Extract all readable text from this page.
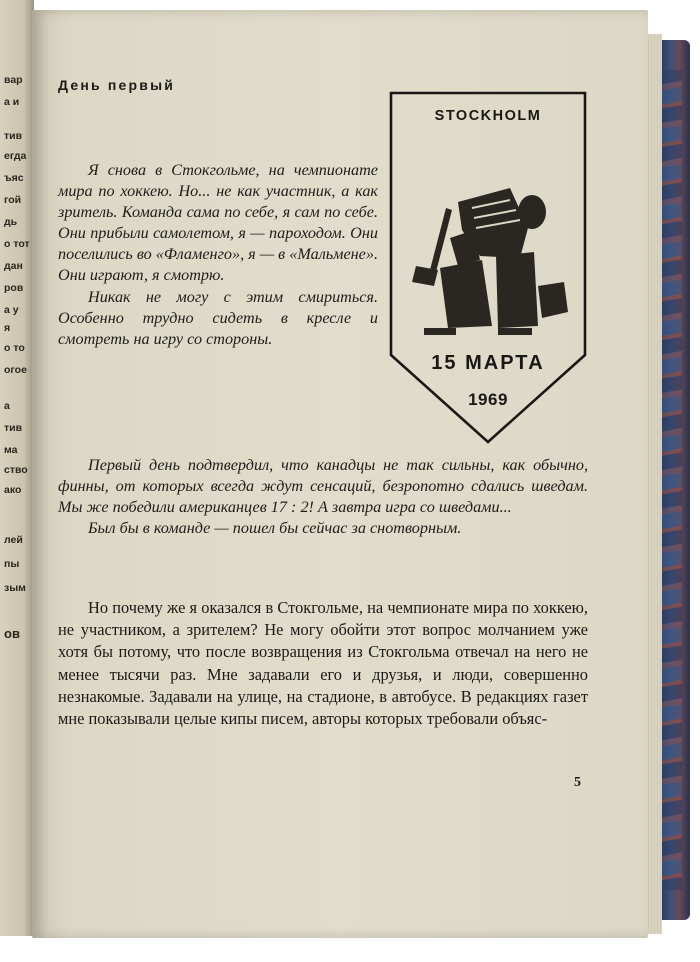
вар
а и
тив
егда
ъяс
гой
дь
о тот
дан
ров
а у
я
о то
огое
а
тив
ма
ство
ако
лей
пы
зым
ов
День первый
STOCKHOLM
15 МАРТА
1969

Я снова в Стокгольме, на чемпионате мира по хоккею. Но... не как участник, а как зритель. Команда сама по себе, я сам по себе. Они прибыли самолетом, я — пароходом. Они поселились во «Фламенго», я — в «Мальмене». Они играют, я смотрю.

Никак не могу с этим смириться. Особенно трудно сидеть в кресле и смотреть на игру со стороны.

Первый день подтвердил, что канадцы не так сильны, как обычно, финны, от которых всегда ждут сенсаций, безропотно сдались шведам. Мы же победили американцев 17 : 2! А завтра игра со шведами...

Был бы в команде — пошел бы сейчас за снотворным.

Но почему же я оказался в Стокгольме, на чемпионате мира по хоккею, не участником, а зрителем? Не могу обойти этот вопрос молчанием уже хотя бы потому, что после возвращения из Стокгольма отвечал на него не менее тысячи раз. Мне задавали его и друзья, и люди, совершенно незнакомые. Задавали на улице, на стадионе, в автобусе. В редакциях газет мне показывали целые кипы писем, авторы которых требовали объяс-

5
